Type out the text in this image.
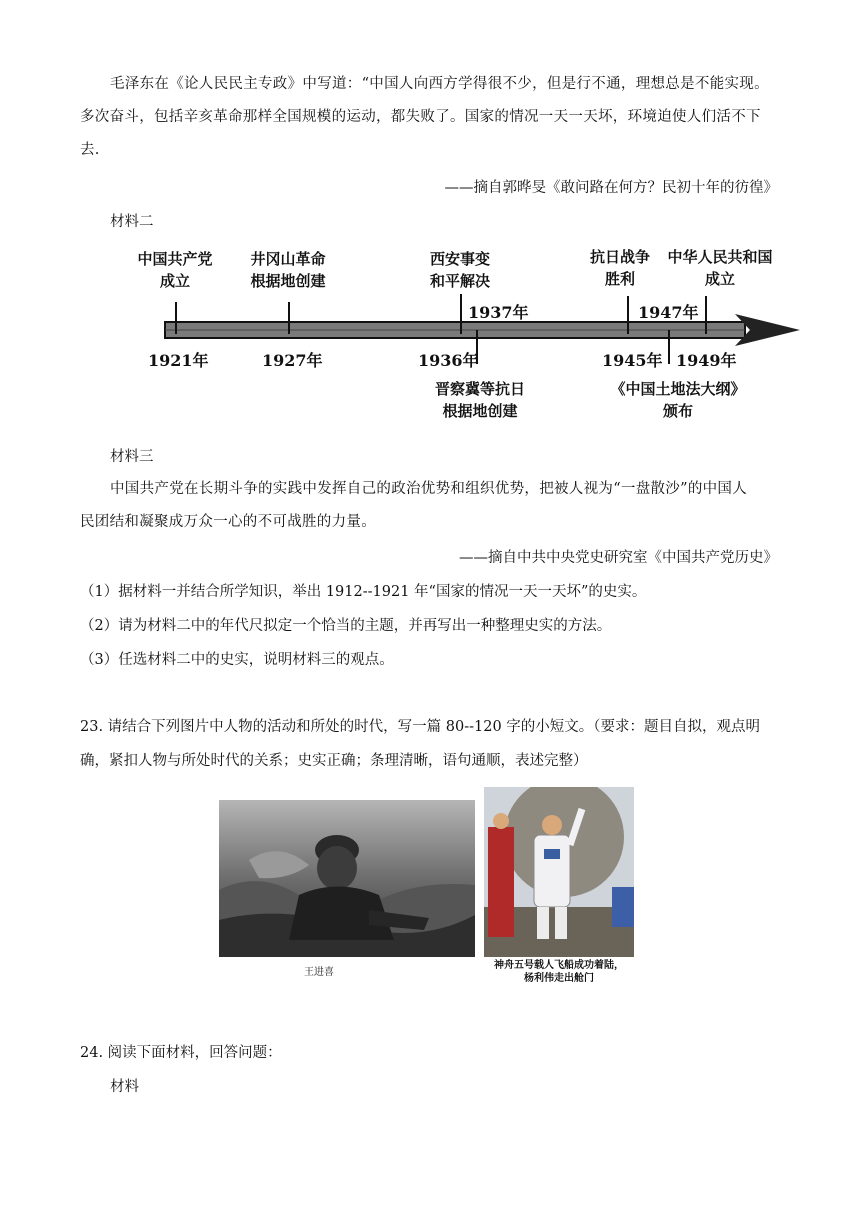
毛泽东在《论人民民主专政》中写道：“中国人向西方学得很不少，但是行不通，理想总是不能实现。
多次奋斗，包括辛亥革命那样全国规模的运动，都失败了。国家的情况一天一天坏，环境迫使人们活不下
去.
——摘自郭晔旻《敢问路在何方？民初十年的彷徨》
材料二
中国共产党
成立
井冈山革命
根据地创建
西安事变
和平解决
抗日战争
胜利
中华人民共和国
成立
1937年	1947年
1921年	1927年	1936年	1945年 1949年
晋察冀等抗日
根据地创建
《中国土地法大纲》
颁布
材料三
中国共产党在长期斗争的实践中发挥自己的政治优势和组织优势，把被人视为“一盘散沙”的中国人
民团结和凝聚成万众一心的不可战胜的力量。
——摘自中共中央党史研究室《中国共产党历史》
（1）据材料一并结合所学知识，举出 1912--1921 年“国家的情况一天一天坏”的史实。
（2）请为材料二中的年代尺拟定一个恰当的主题，并再写出一种整理史实的方法。
（3）任选材料二中的史实，说明材料三的观点。
23. 请结合下列图片中人物的活动和所处的时代，写一篇 80--120 字的小短文。（要求：题目自拟，观点明
确，紧扣人物与所处时代的关系；史实正确；条理清晰，语句通顺，表述完整）
王进喜
神舟五号载人飞船成功着陆，
杨利伟走出舱门
24. 阅读下面材料，回答问题：
材料
